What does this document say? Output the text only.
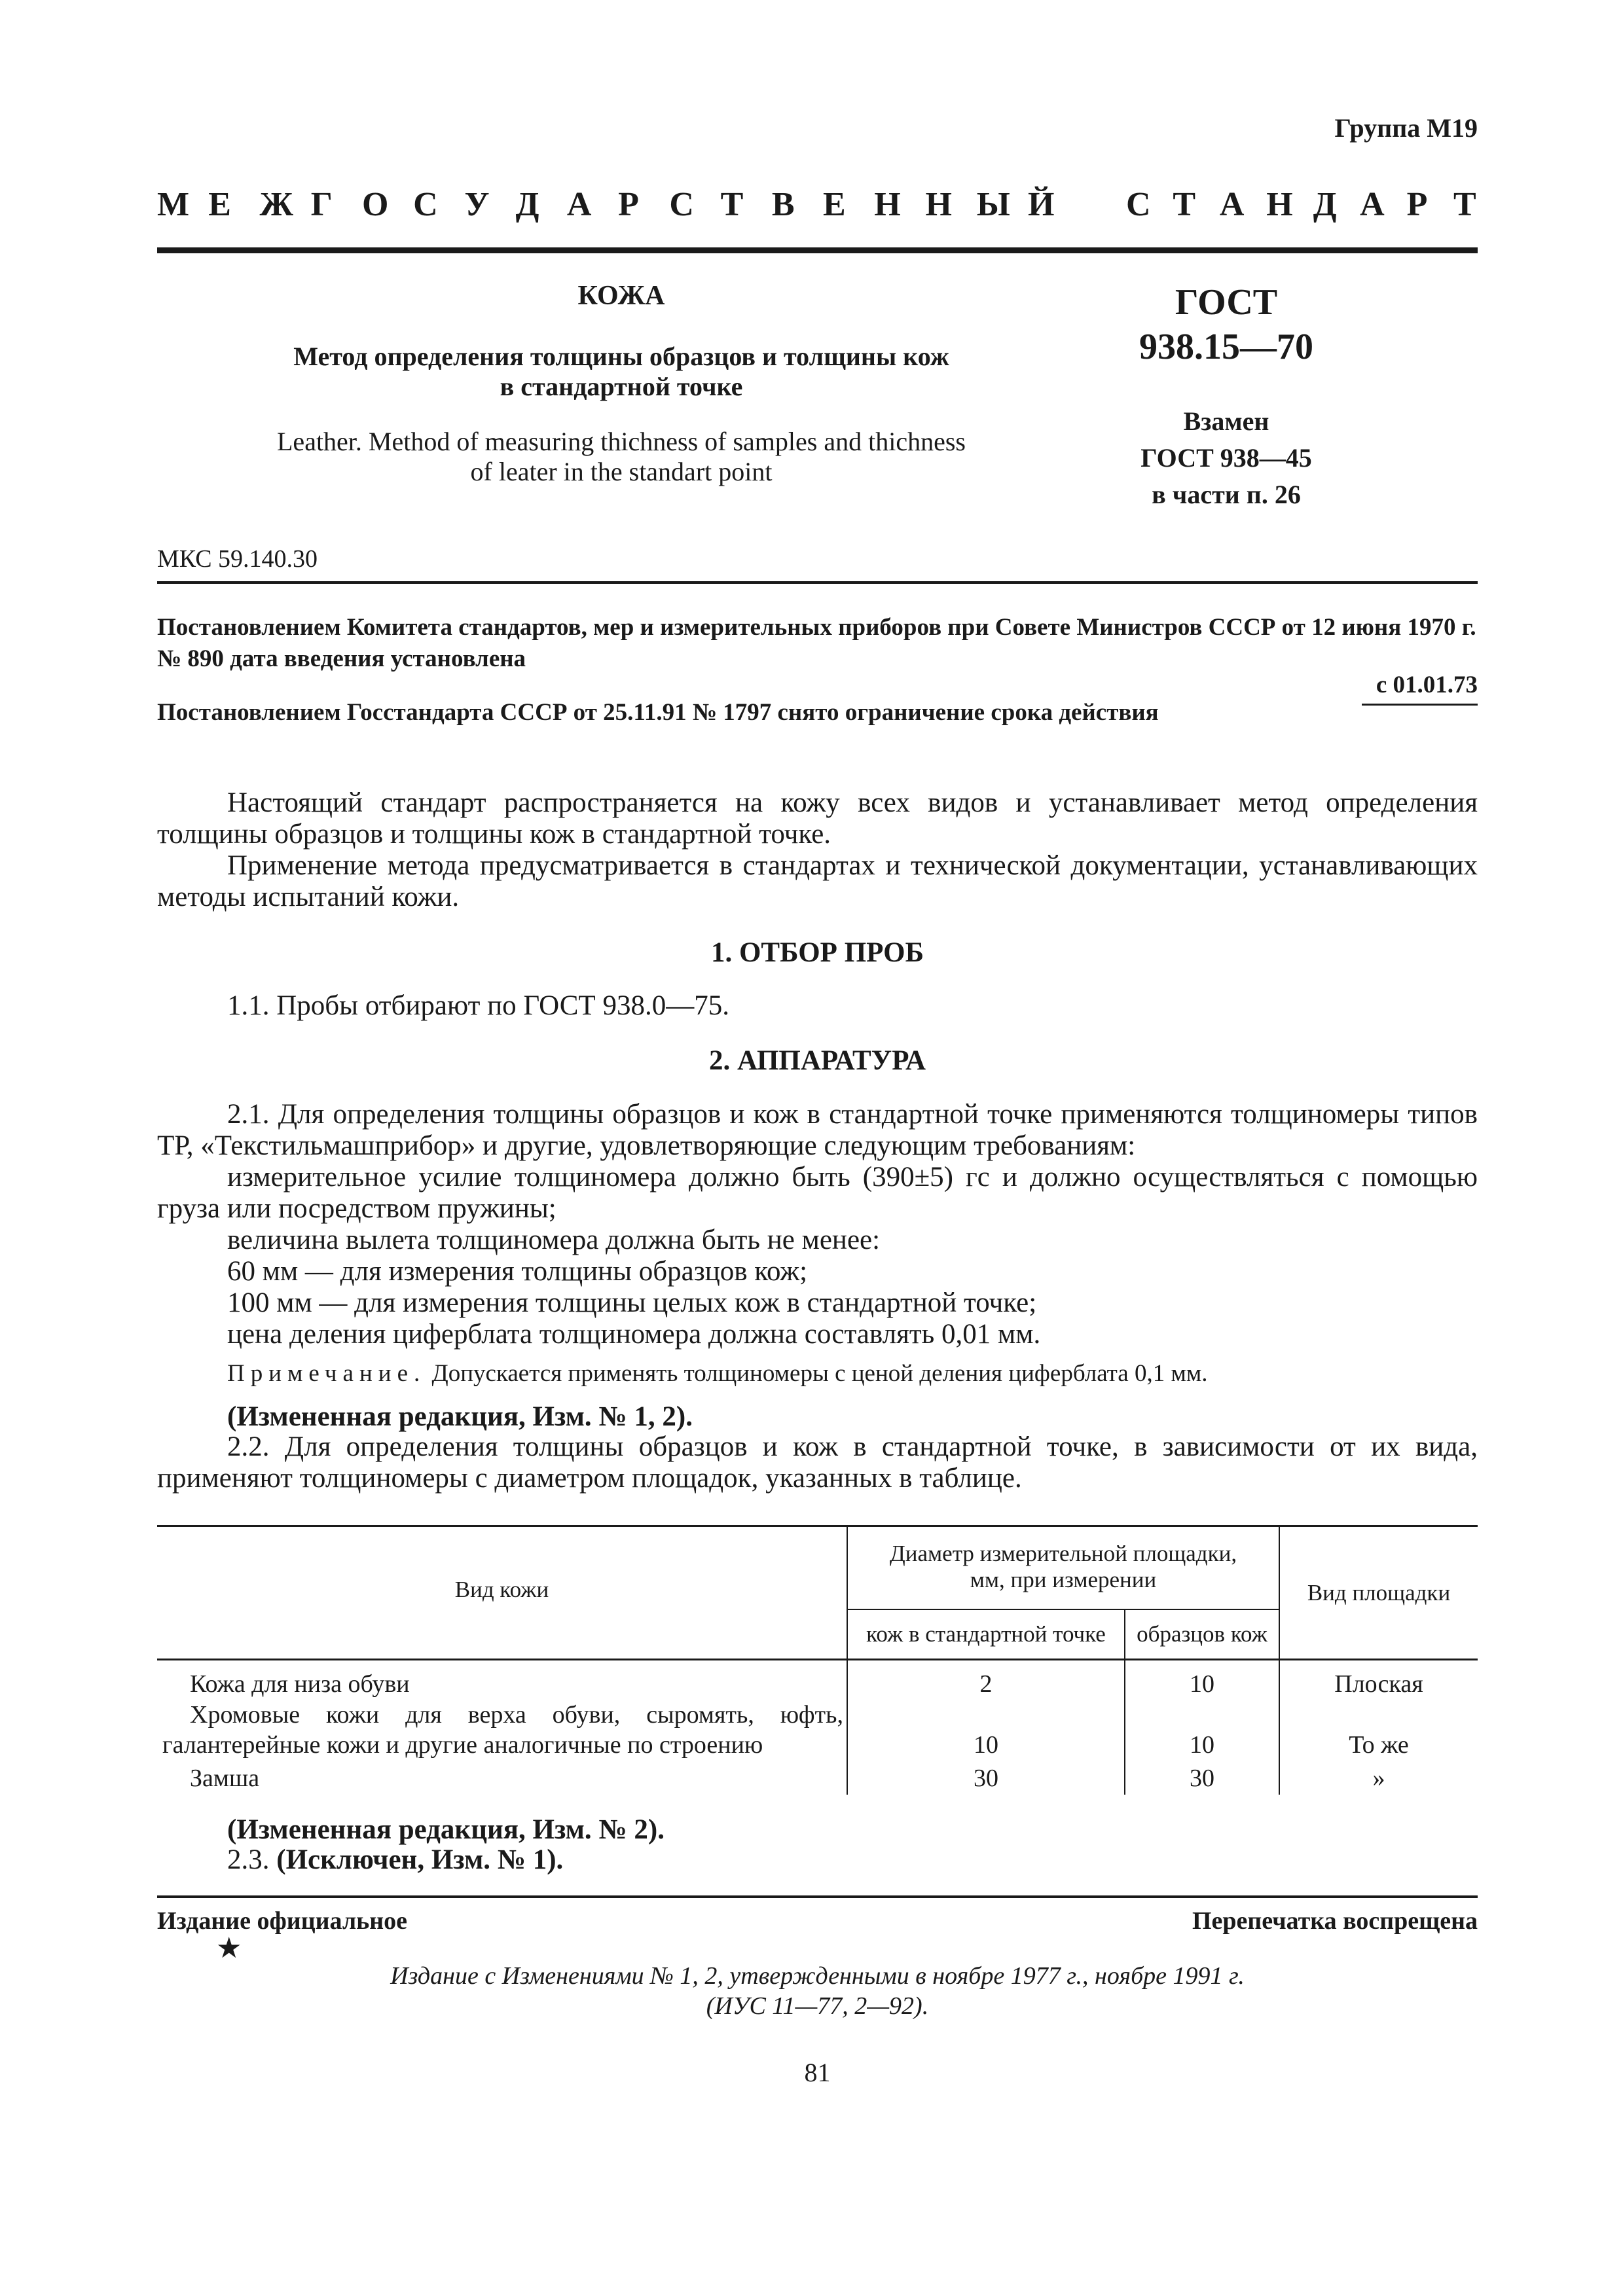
Группа М19
М Е Ж Г О С У Д А Р С Т В Е Н Н Ы Й С Т А Н Д А Р Т
КОЖА
Метод определения толщины образцов и толщины кож
в стандартной точке
Leather. Method of measuring thichness of samples and thichness
of leater in the standart point
ГОСТ
938.15—70
Взамен
ГОСТ 938—45
в части п. 26
МКС 59.140.30
Постановлением Комитета стандартов, мер и измерительных приборов при Совете Министров СССР от 12 июня 1970 г. № 890 дата введения установлена
с 01.01.73
Постановлением Госстандарта СССР от 25.11.91 № 1797 снято ограничение срока действия
Настоящий стандарт распространяется на кожу всех видов и устанавливает метод определения толщины образцов и толщины кож в стандартной точке.
Применение метода предусматривается в стандартах и технической документации, устанавливающих методы испытаний кожи.
1. ОТБОР ПРОБ
1.1. Пробы отбирают по ГОСТ 938.0—75.
2. АППАРАТУРА
2.1. Для определения толщины образцов и кож в стандартной точке применяются толщиномеры типов ТР, «Текстильмашприбор» и другие, удовлетворяющие следующим требованиям:
измерительное усилие толщиномера должно быть (390±5) гс и должно осуществляться с помощью груза или посредством пружины;
величина вылета толщиномера должна быть не менее:
60 мм — для измерения толщины образцов кож;
100 мм — для измерения толщины целых кож в стандартной точке;
цена деления циферблата толщиномера должна составлять 0,01 мм.
Примечание. Допускается применять толщиномеры с ценой деления циферблата 0,1 мм.
(Измененная редакция, Изм. № 1, 2).
2.2. Для определения толщины образцов и кож в стандартной точке, в зависимости от их вида, применяют толщиномеры с диаметром площадок, указанных в таблице.
Вид кожи
Диаметр измерительной площадки,
мм, при измерении
кож в стандартной точке	образцов кож
Вид площадки
Кожа для низа обуви	2	10	Плоская
Хромовые кожи для верха обуви, сыромять, юфть,
галантерейные кожи и другие аналогичные по строению	10	10	То же
Замша	30	30	»
(Измененная редакция, Изм. № 2).
2.3. (Исключен, Изм. № 1).
Издание официальное	Перепечатка воспрещена
★
Издание с Изменениями № 1, 2, утвержденными в ноябре 1977 г., ноябре 1991 г.
(ИУС 11—77, 2—92).
81
